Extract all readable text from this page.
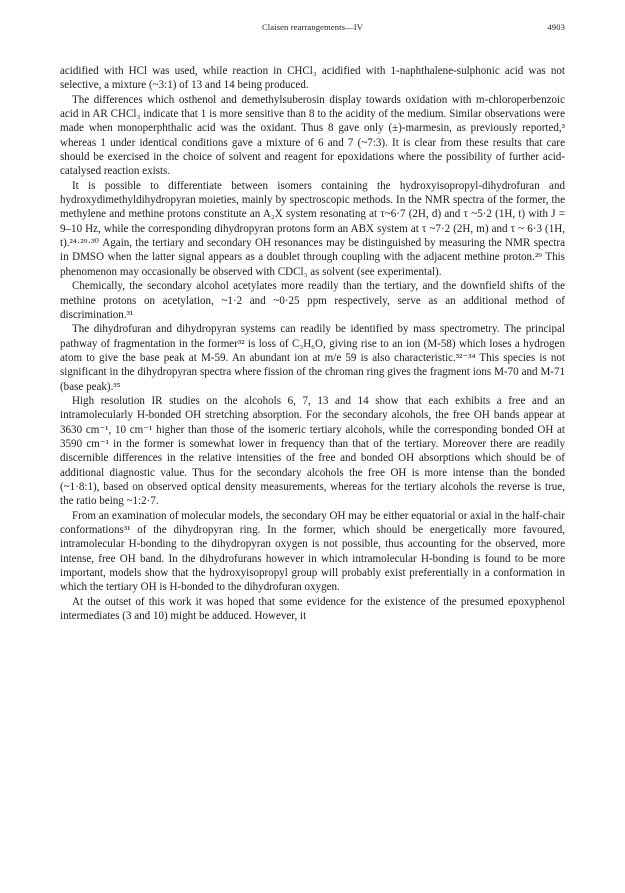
Claisen rearrangements—IV	4903

acidified with HCl was used, while reaction in CHCl₃ acidified with 1-naphthalene-sulphonic acid was not selective, a mixture (~3:1) of 13 and 14 being produced.

The differences which osthenol and demethylsuberosin display towards oxidation with m-chloroperbenzoic acid in AR CHCl₃ indicate that 1 is more sensitive than 8 to the acidity of the medium. Similar observations were made when monoperphthalic acid was the oxidant. Thus 8 gave only (±)-marmesin, as previously reported,³ whereas 1 under identical conditions gave a mixture of 6 and 7 (~7:3). It is clear from these results that care should be exercised in the choice of solvent and reagent for epoxidations where the possibility of further acid-catalysed reaction exists.

It is possible to differentiate between isomers containing the hydroxyisopropyl-dihydrofuran and hydroxydimethyldihydropyran moieties, mainly by spectroscopic methods. In the NMR spectra of the former, the methylene and methine protons constitute an A₂X system resonating at τ~6·7 (2H, d) and τ ~5·2 (1H, t) with J = 9–10 Hz, while the corresponding dihydropyran protons form an ABX system at τ ~7·2 (2H, m) and τ ~ 6·3 (1H, t).²⁴·²⁹·³⁰ Again, the tertiary and secondary OH resonances may be distinguished by measuring the NMR spectra in DMSO when the latter signal appears as a doublet through coupling with the adjacent methine proton.²⁹ This phenomenon may occasionally be observed with CDCl₃ as solvent (see experimental).

Chemically, the secondary alcohol acetylates more readily than the tertiary, and the downfield shifts of the methine protons on acetylation, ~1·2 and ~0·25 ppm respectively, serve as an additional method of discrimination.³¹

The dihydrofuran and dihydropyran systems can readily be identified by mass spectrometry. The principal pathway of fragmentation in the former³² is loss of C₃H₆O, giving rise to an ion (M-58) which loses a hydrogen atom to give the base peak at M-59. An abundant ion at m/e 59 is also characteristic.³²⁻³⁴ This species is not significant in the dihydropyran spectra where fission of the chroman ring gives the fragment ions M-70 and M-71 (base peak).³⁵

High resolution IR studies on the alcohols 6, 7, 13 and 14 show that each exhibits a free and an intramolecularly H-bonded OH stretching absorption. For the secondary alcohols, the free OH bands appear at 3630 cm⁻¹, 10 cm⁻¹ higher than those of the isomeric tertiary alcohols, while the corresponding bonded OH at 3590 cm⁻¹ in the former is somewhat lower in frequency than that of the tertiary. Moreover there are readily discernible differences in the relative intensities of the free and bonded OH absorptions which should be of additional diagnostic value. Thus for the secondary alcohols the free OH is more intense than the bonded (~1·8:1), based on observed optical density measurements, whereas for the tertiary alcohols the reverse is true, the ratio being ~1:2·7.

From an examination of molecular models, the secondary OH may be either equatorial or axial in the half-chair conformations³¹ of the dihydropyran ring. In the former, which should be energetically more favoured, intramolecular H-bonding to the dihydropyran oxygen is not possible, thus accounting for the observed, more intense, free OH band. In the dihydrofurans however in which intramolecular H-bonding is found to be more important, models show that the hydroxyisopropyl group will probably exist preferentially in a conformation in which the tertiary OH is H-bonded to the dihydrofuran oxygen.

At the outset of this work it was hoped that some evidence for the existence of the presumed epoxyphenol intermediates (3 and 10) might be adduced. However, it
